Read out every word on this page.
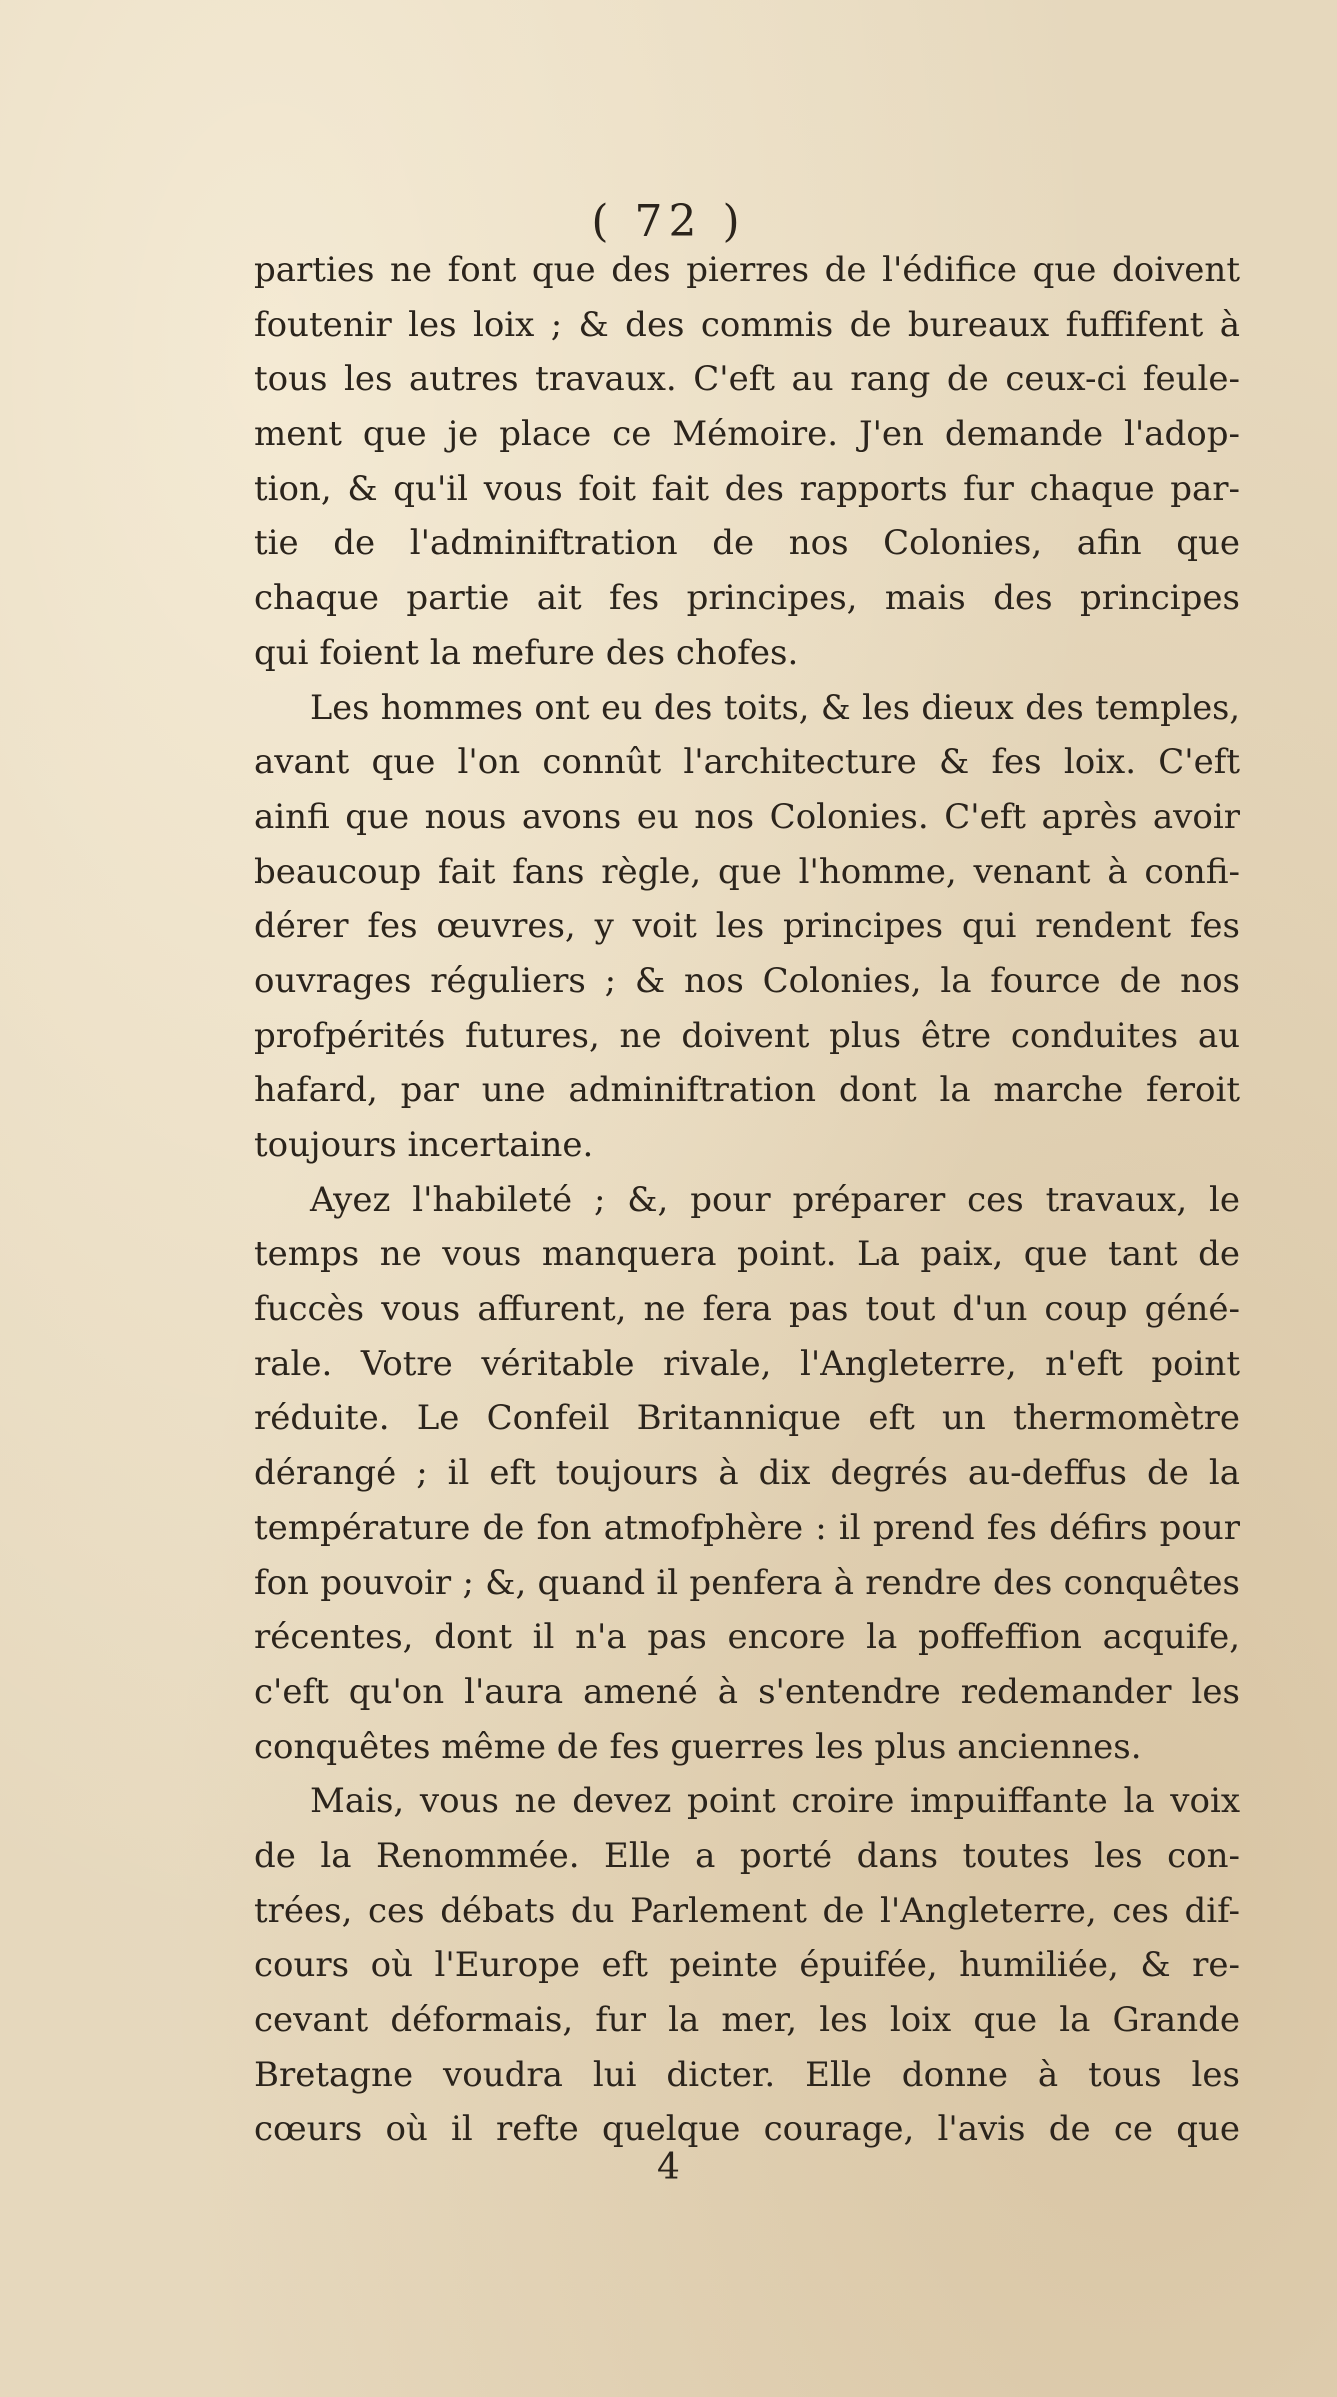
( 72 )
parties ne font que des pierres de l'édifice que doivent
foutenir les loix ; & des commis de bureaux fuffifent à
tous les autres travaux. C'eft au rang de ceux-ci feule-
ment que je place ce Mémoire. J'en demande l'adop-
tion, & qu'il vous foit fait des rapports fur chaque par-
tie de l'adminiftration de nos Colonies, afin que
chaque partie ait fes principes, mais des principes
qui foient la mefure des chofes.
Les hommes ont eu des toits, & les dieux des temples,
avant que l'on connût l'architecture & fes loix. C'eft
ainfi que nous avons eu nos Colonies. C'eft après avoir
beaucoup fait fans règle, que l'homme, venant à confi-
dérer fes œuvres, y voit les principes qui rendent fes
ouvrages réguliers ; & nos Colonies, la fource de nos
profpérités futures, ne doivent plus être conduites au
hafard, par une adminiftration dont la marche feroit
toujours incertaine.
Ayez l'habileté ; &, pour préparer ces travaux, le
temps ne vous manquera point. La paix, que tant de
fuccès vous affurent, ne fera pas tout d'un coup géné-
rale. Votre véritable rivale, l'Angleterre, n'eft point
réduite. Le Confeil Britannique eft un thermomètre
dérangé ; il eft toujours à dix degrés au-deffus de la
température de fon atmofphère : il prend fes défirs pour
fon pouvoir ; &, quand il penfera à rendre des conquêtes
récentes, dont il n'a pas encore la poffeffion acquife,
c'eft qu'on l'aura amené à s'entendre redemander les
conquêtes même de fes guerres les plus anciennes.
Mais, vous ne devez point croire impuiffante la voix
de la Renommée. Elle a porté dans toutes les con-
trées, ces débats du Parlement de l'Angleterre, ces dif-
cours où l'Europe eft peinte épuifée, humiliée, & re-
cevant déformais, fur la mer, les loix que la Grande
Bretagne voudra lui dicter. Elle donne à tous les
cœurs où il refte quelque courage, l'avis de ce que
4
